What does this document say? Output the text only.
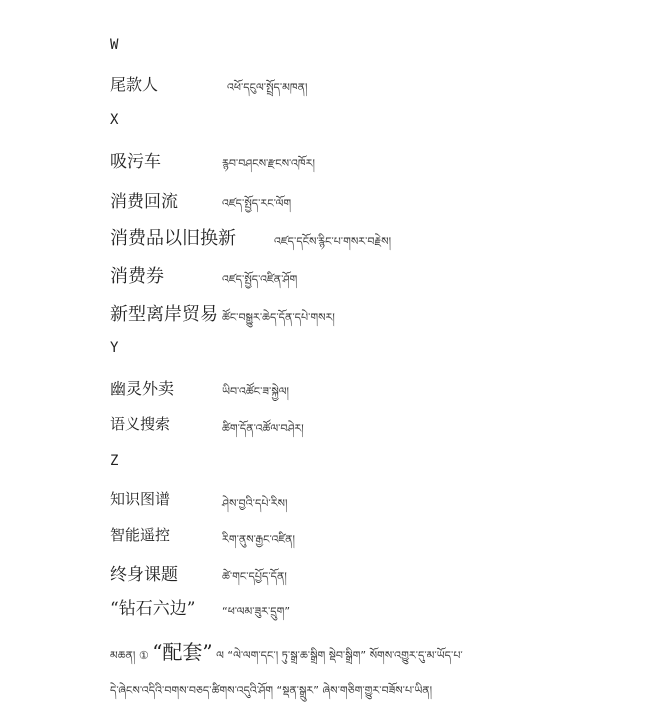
W
尾款人	འཕོ་དངུལ་སྤྲོད་མཁན།
X
吸污车	རྙབ་བཤངས་རྫངས་འཁོར།
消费回流	འཛད་སྤྱོད་རང་ལོག
消费品以旧换新	འཛད་དངོས་རྙིང་པ་གསར་བརྗེས།
消费券	འཛད་སྤྱོད་འཛིན་ཤོག
新型离岸贸易 ཚོང་བསྒྱུར་ཆེད་དོན་དཔེ་གསར།
Y
幽灵外卖	ཡིབ་འཚོང་ཟ་སྐྱེལ།
语义搜索	ཚིག་དོན་འཚོལ་བཤེར།
Z
知识图谱	ཤེས་བྱའི་དཔེ་རིས།
智能遥控	རིག་ནུས་རྒྱང་འཛིན།
终身课题	ཚེ་གང་དཔྱོད་དོན།
“钻石六边” “ཕ་ལམ་ཟུར་དྲུག”
མཆན། ① “配套” ལ “ལེ་ལག་དང་། ཏུ་སྒྲ་ཆ་སྒྲིག སྡེབ་སྒྲིག” སོགས་འགྱུར་དུ་མ་ཡོད་པ་
དེ་ཞེངས་འདིའི་བགས་བཅད་ཚིགས་འདུའི་ཤོག “སྡན་སྒྲུར” ཞེས་གཅིག་གྱུར་བཟོས་པ་ཡིན།
